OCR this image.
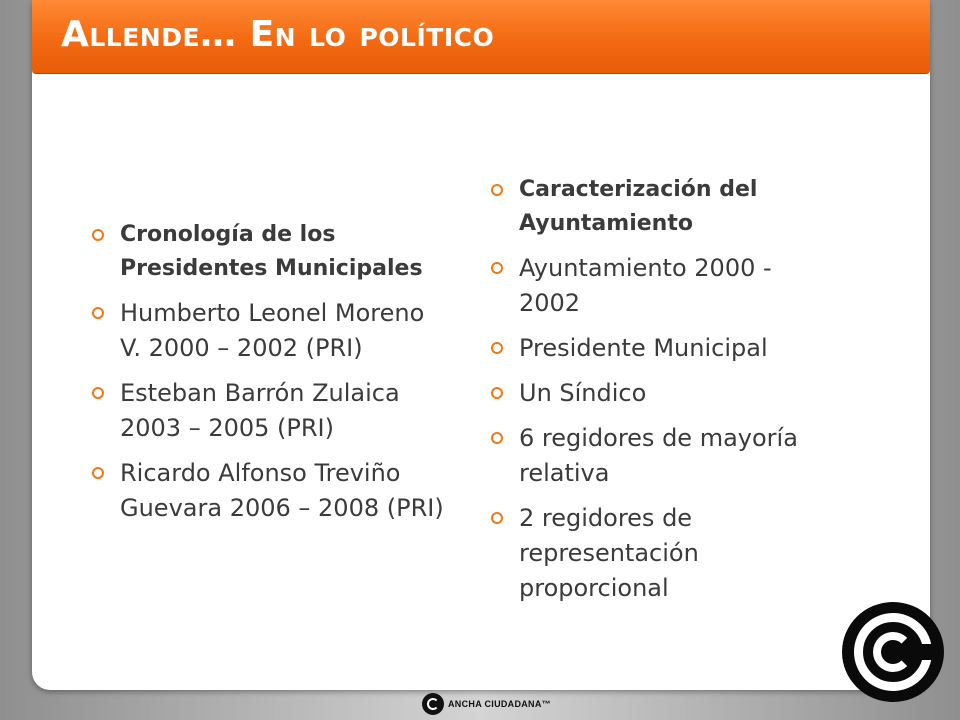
Allende… En lo político
Cronología de los Presidentes Municipales
Humberto Leonel Moreno V. 2000 – 2002 (PRI)
Esteban Barrón Zulaica 2003 – 2005 (PRI)
Ricardo Alfonso Treviño Guevara 2006 – 2008 (PRI)
Caracterización del Ayuntamiento
Ayuntamiento 2000 - 2002
Presidente Municipal
Un Síndico
6 regidores de mayoría relativa
2 regidores de representación proporcional
ANCHA CIUDADANA™
